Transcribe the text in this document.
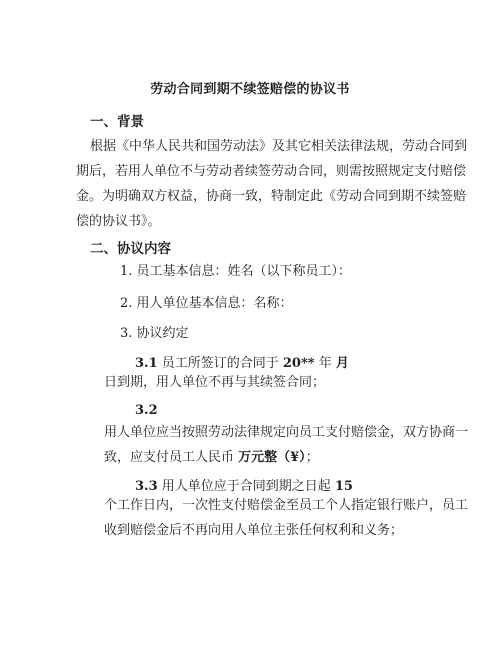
劳动合同到期不续签赔偿的协议书
一、背景
根据《中华人民共和国劳动法》及其它相关法律法规，劳动合同到
期后，若用人单位不与劳动者续签劳动合同，则需按照规定支付赔偿
金。为明确双方权益，协商一致，特制定此《劳动合同到期不续签赔
偿的协议书》。
二、协议内容
1. 员工基本信息：姓名（以下称员工）：
2. 用人单位基本信息：名称：
3. 协议约定
3.1 员工所签订的合同于 20** 年 月
日到期，用人单位不再与其续签合同；
3.2
用人单位应当按照劳动法律规定向员工支付赔偿金，双方协商一
致，应支付员工人民币 万元整（¥）；
3.3 用人单位应于合同到期之日起 15
个工作日内，一次性支付赔偿金至员工个人指定银行账户，员工
收到赔偿金后不再向用人单位主张任何权利和义务；
